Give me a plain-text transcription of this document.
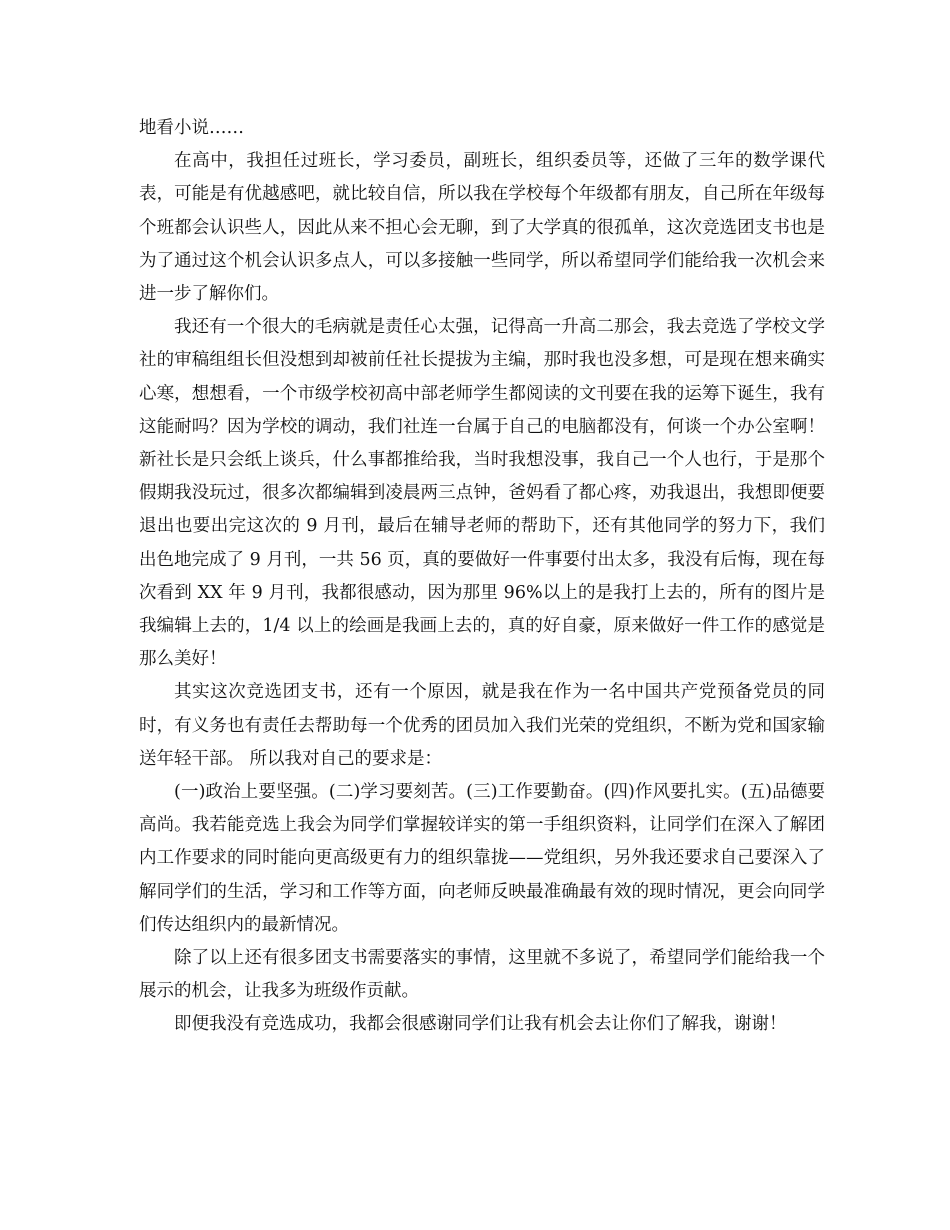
地看小说……

在高中，我担任过班长，学习委员，副班长，组织委员等，还做了三年的数学课代表，可能是有优越感吧，就比较自信，所以我在学校每个年级都有朋友，自己所在年级每个班都会认识些人，因此从来不担心会无聊，到了大学真的很孤单，这次竞选团支书也是为了通过这个机会认识多点人，可以多接触一些同学，所以希望同学们能给我一次机会来进一步了解你们。

我还有一个很大的毛病就是责任心太强，记得高一升高二那会，我去竞选了学校文学社的审稿组组长但没想到却被前任社长提拔为主编，那时我也没多想，可是现在想来确实心寒，想想看，一个市级学校初高中部老师学生都阅读的文刊要在我的运筹下诞生，我有这能耐吗？因为学校的调动，我们社连一台属于自己的电脑都没有，何谈一个办公室啊！新社长是只会纸上谈兵，什么事都推给我，当时我想没事，我自己一个人也行，于是那个假期我没玩过，很多次都编辑到凌晨两三点钟，爸妈看了都心疼，劝我退出，我想即便要退出也要出完这次的 9 月刊，最后在辅导老师的帮助下，还有其他同学的努力下，我们出色地完成了 9 月刊，一共 56 页，真的要做好一件事要付出太多，我没有后悔，现在每次看到 XX 年 9 月刊，我都很感动，因为那里 96%以上的是我打上去的，所有的图片是我编辑上去的，1/4 以上的绘画是我画上去的，真的好自豪，原来做好一件工作的感觉是那么美好！

其实这次竞选团支书，还有一个原因，就是我在作为一名中国共产党预备党员的同时，有义务也有责任去帮助每一个优秀的团员加入我们光荣的党组织，不断为党和国家输送年轻干部。 所以我对自己的要求是：

(一)政治上要坚强。(二)学习要刻苦。(三)工作要勤奋。(四)作风要扎实。(五)品德要高尚。我若能竞选上我会为同学们掌握较详实的第一手组织资料，让同学们在深入了解团内工作要求的同时能向更高级更有力的组织靠拢——党组织，另外我还要求自己要深入了解同学们的生活，学习和工作等方面，向老师反映最准确最有效的现时情况，更会向同学们传达组织内的最新情况。

除了以上还有很多团支书需要落实的事情，这里就不多说了，希望同学们能给我一个展示的机会，让我多为班级作贡献。

即便我没有竞选成功，我都会很感谢同学们让我有机会去让你们了解我，谢谢！
